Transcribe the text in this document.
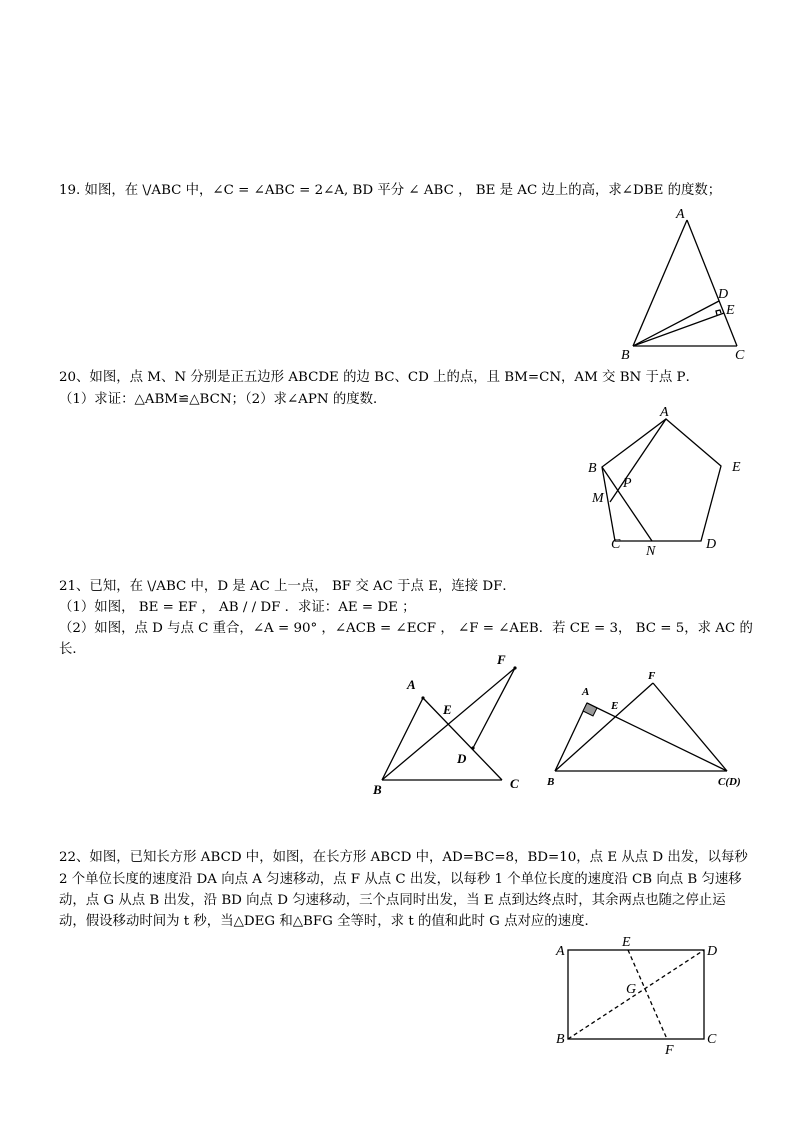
19. 如图，在 \/ABC 中，∠C = ∠ABC = 2∠A, BD 平分 ∠ ABC ， BE 是 AC 边上的高，求∠DBE 的度数；

A
B	C
D
E

20、如图，点 M、N 分别是正五边形 ABCDE 的边 BC、CD 上的点，且 BM=CN，AM 交 BN 于点 P．

（1）求证：△ABM≌△BCN；（2）求∠APN 的度数．

A
B
C	D
E
M
N
P

21、已知，在 \/ABC 中，D 是 AC 上一点， BF 交 AC 于点 E，连接 DF．

（1）如图， BE = EF ， AB / / DF ．求证：AE = DE ；

（2）如图，点 D 与点 C 重合，∠A = 90° ，∠ACB = ∠ECF ， ∠F = ∠AEB．若 CE = 3， BC = 5，求 AC 的

长．

A
B	C
D
E
F
A
B	C(D)
E
F

22、如图，已知长方形 ABCD 中，如图，在长方形 ABCD 中，AD=BC=8，BD=10，点 E 从点 D 出发，以每秒

2 个单位长度的速度沿 DA 向点 A 匀速移动，点 F 从点 C 出发，以每秒 1 个单位长度的速度沿 CB 向点 B 匀速移

动，点 G 从点 B 出发，沿 BD 向点 D 匀速移动，三个点同时出发，当 E 点到达终点时，其余两点也随之停止运

动，假设移动时间为 t 秒，当△DEG 和△BFG 全等时，求 t 的值和此时 G 点对应的速度．

A
B	C
D
E
F
G
